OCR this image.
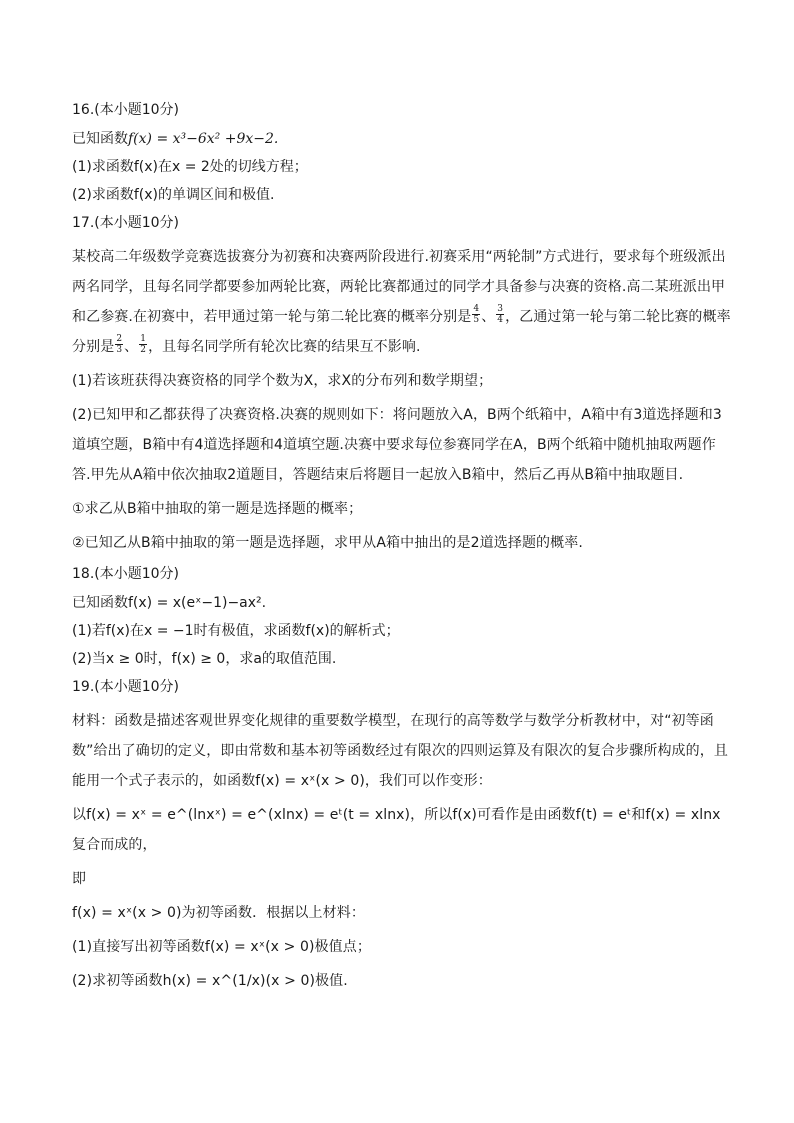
16.(本小题10分)
已知函数f(x) = x³−6x² +9x−2.
(1)求函数f(x)在x = 2处的切线方程；
(2)求函数f(x)的单调区间和极值.
17.(本小题10分)
某校高二年级数学竞赛选拔赛分为初赛和决赛两阶段进行.初赛采用“两轮制”方式进行，要求每个班级派出两名同学，且每名同学都要参加两轮比赛，两轮比赛都通过的同学才具备参与决赛的资格.高二某班派出甲和乙参赛.在初赛中，若甲通过第一轮与第二轮比赛的概率分别是 $\frac{4}{5}$ 、 $\frac{3}{4}$ ，乙通过第一轮与第二轮比赛的概率分别是 $\frac{2}{3}$ 、 $\frac{1}{2}$ ，且每名同学所有轮次比赛的结果互不影响.
(1)若该班获得决赛资格的同学个数为X，求X的分布列和数学期望；
(2)已知甲和乙都获得了决赛资格.决赛的规则如下：将问题放入A，B两个纸箱中，A箱中有3道选择题和3道填空题，B箱中有4道选择题和4道填空题.决赛中要求每位参赛同学在A，B两个纸箱中随机抽取两题作答.甲先从A箱中依次抽取2道题目，答题结束后将题目一起放入B箱中，然后乙再从B箱中抽取题目.
①求乙从B箱中抽取的第一题是选择题的概率；
②已知乙从B箱中抽取的第一题是选择题，求甲从A箱中抽出的是2道选择题的概率.
18.(本小题10分)
已知函数f(x) = x(eˣ−1)−ax².
(1)若f(x)在x = −1时有极值，求函数f(x)的解析式；
(2)当x ≥ 0时，f(x) ≥ 0，求a的取值范围.
19.(本小题10分)
材料：函数是描述客观世界变化规律的重要数学模型，在现行的高等数学与数学分析教材中，对“初等函数”给出了确切的定义，即由常数和基本初等函数经过有限次的四则运算及有限次的复合步骤所构成的，且能用一个式子表示的，如函数f(x) = xˣ(x > 0)，我们可以作变形：
以f(x) = xˣ = e^(lnxˣ) = e^(xlnx) = eᵗ(t = xlnx)，所以f(x)可看作是由函数f(t) = eᵗ和f(x) = xlnx复合而成的，
即
f(x) = xˣ(x > 0)为初等函数．根据以上材料：
(1)直接写出初等函数f(x) = xˣ(x > 0)极值点；
(2)求初等函数h(x) = x^(1/x)(x > 0)极值.
